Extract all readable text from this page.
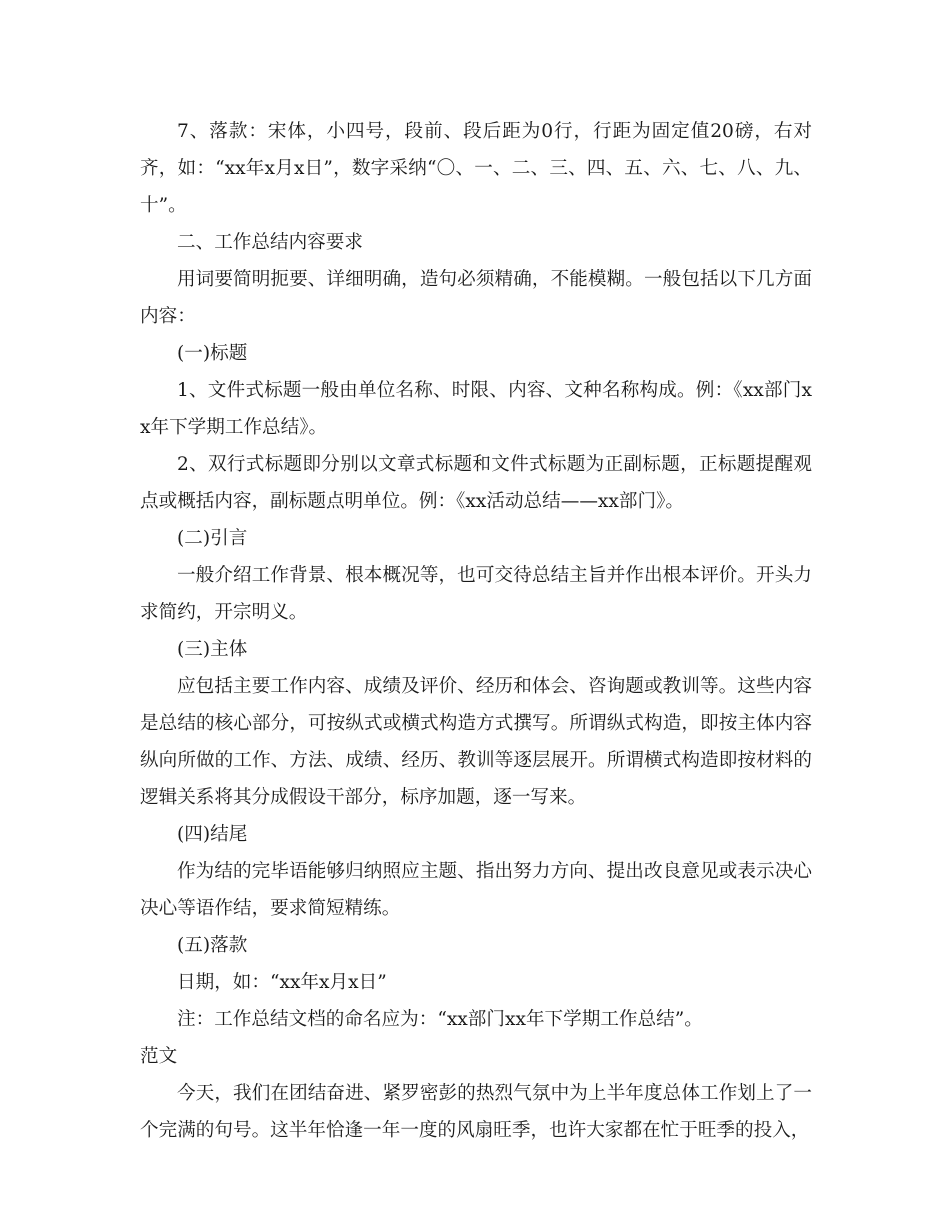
7、落款：宋体，小四号，段前、段后距为0行，行距为固定值20磅，右对齐，如：“xx年x月x日”，数字采纳“〇、一、二、三、四、五、六、七、八、九、十”。

二、工作总结内容要求

用词要简明扼要、详细明确，造句必须精确，不能模糊。一般包括以下几方面内容：

(一)标题

1、文件式标题一般由单位名称、时限、内容、文种名称构成。例：《xx部门xx年下学期工作总结》。

2、双行式标题即分别以文章式标题和文件式标题为正副标题，正标题提醒观点或概括内容，副标题点明单位。例：《xx活动总结——xx部门》。

(二)引言

一般介绍工作背景、根本概况等，也可交待总结主旨并作出根本评价。开头力求简约，开宗明义。

(三)主体

应包括主要工作内容、成绩及评价、经历和体会、咨询题或教训等。这些内容是总结的核心部分，可按纵式或横式构造方式撰写。所谓纵式构造，即按主体内容纵向所做的工作、方法、成绩、经历、教训等逐层展开。所谓横式构造即按材料的逻辑关系将其分成假设干部分，标序加题，逐一写来。

(四)结尾

作为结的完毕语能够归纳照应主题、指出努力方向、提出改良意见或表示决心决心等语作结，要求简短精练。

(五)落款

日期，如：“xx年x月x日”

注：工作总结文档的命名应为：“xx部门xx年下学期工作总结”。

范文

今天，我们在团结奋进、紧罗密彭的热烈气氛中为上半年度总体工作划上了一个完满的句号。这半年恰逢一年一度的风扇旺季，也许大家都在忙于旺季的投入，
